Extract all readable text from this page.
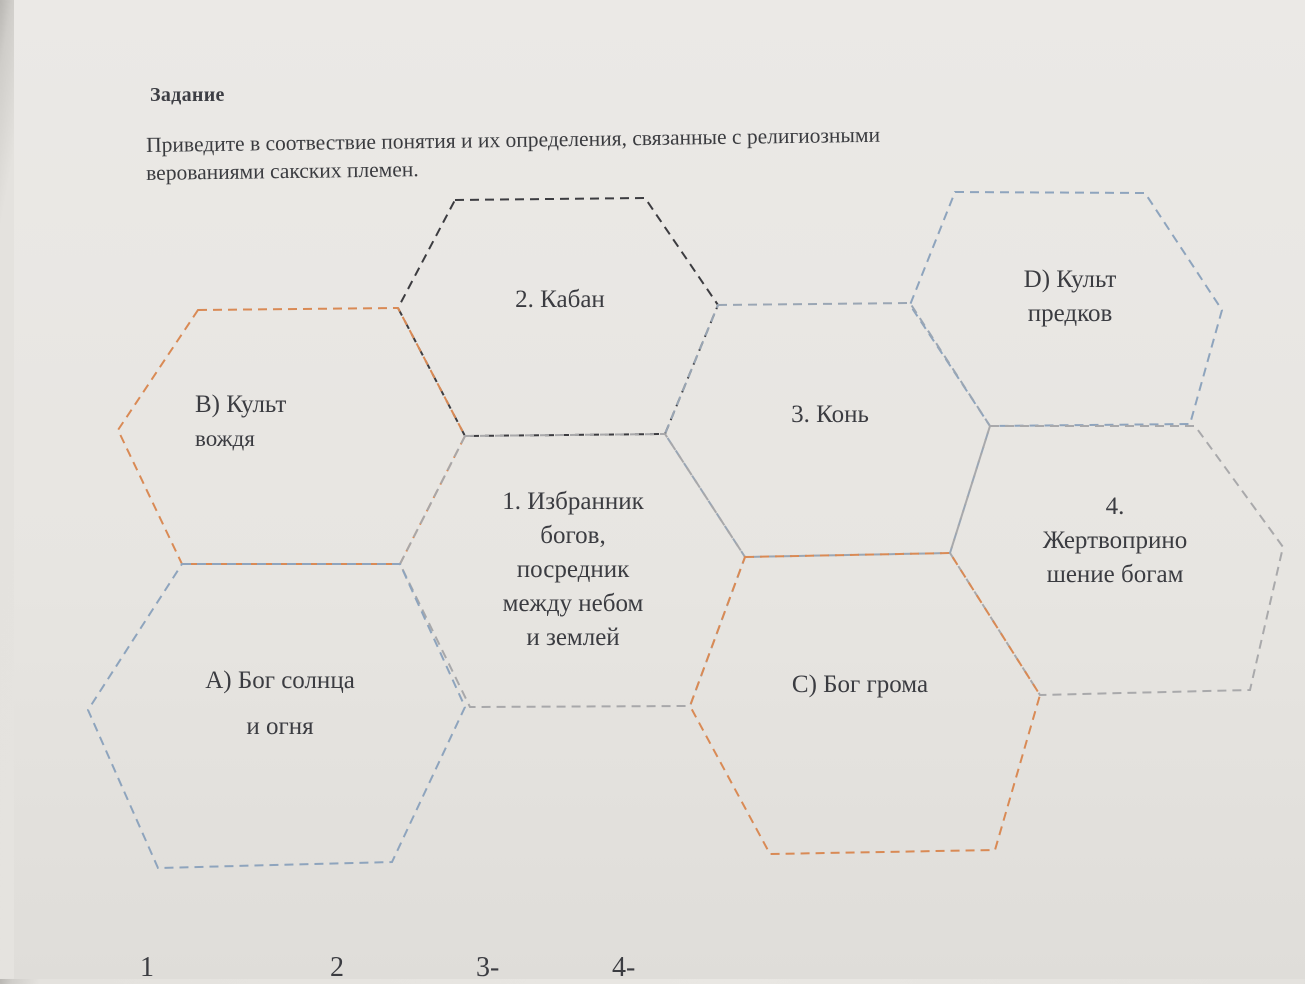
Задание
Приведите в соотвествие понятия и их определения, связанные с религиозными
верованиями сакских племен.
2. Кабан
D) Культ
предков
B) Культ
вождя
3. Конь
1. Избранник
богов,
посредник
между небом
и землей
4.
Жертвоприно
шение богам
A) Бог солнца
и огня
C) Бог грома
1	2	3-	4-
